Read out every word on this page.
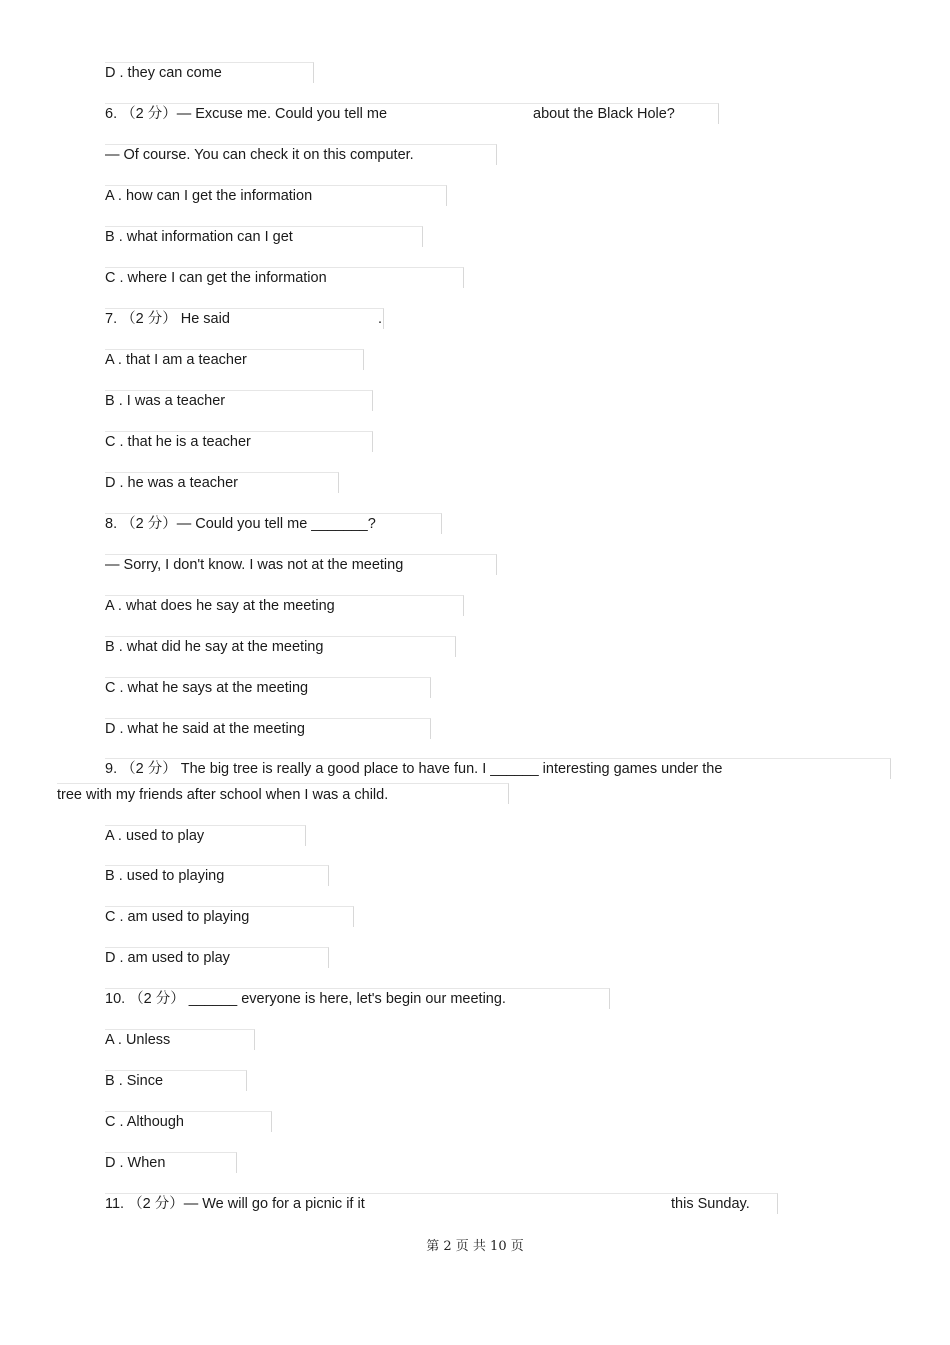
D . they can come
6. （2 分）— Excuse me. Could you tell me	about the Black Hole?
— Of course. You can check it on this computer.
A . how can I get the information
B . what information can I get
C . where I can get the information
7. （2 分） He said	.
A . that I am a teacher
B . I was a teacher
C . that he is a teacher
D . he was a teacher
8. （2 分）— Could you tell me _______?
— Sorry, I don't know. I was not at the meeting
A . what does he say at the meeting
B . what did he say at the meeting
C . what he says at the meeting
D . what he said at the meeting
9. （2 分） The big tree is really a good place to have fun. I ______ interesting games under the
tree with my friends after school when I was a child.
A . used to play
B . used to playing
C . am used to playing
D . am used to play
10. （2 分） ______ everyone is here, let's begin our meeting.
A . Unless
B . Since
C . Although
D . When
11. （2 分）— We will go for a picnic if it	this Sunday.
第 2 页 共 10 页
